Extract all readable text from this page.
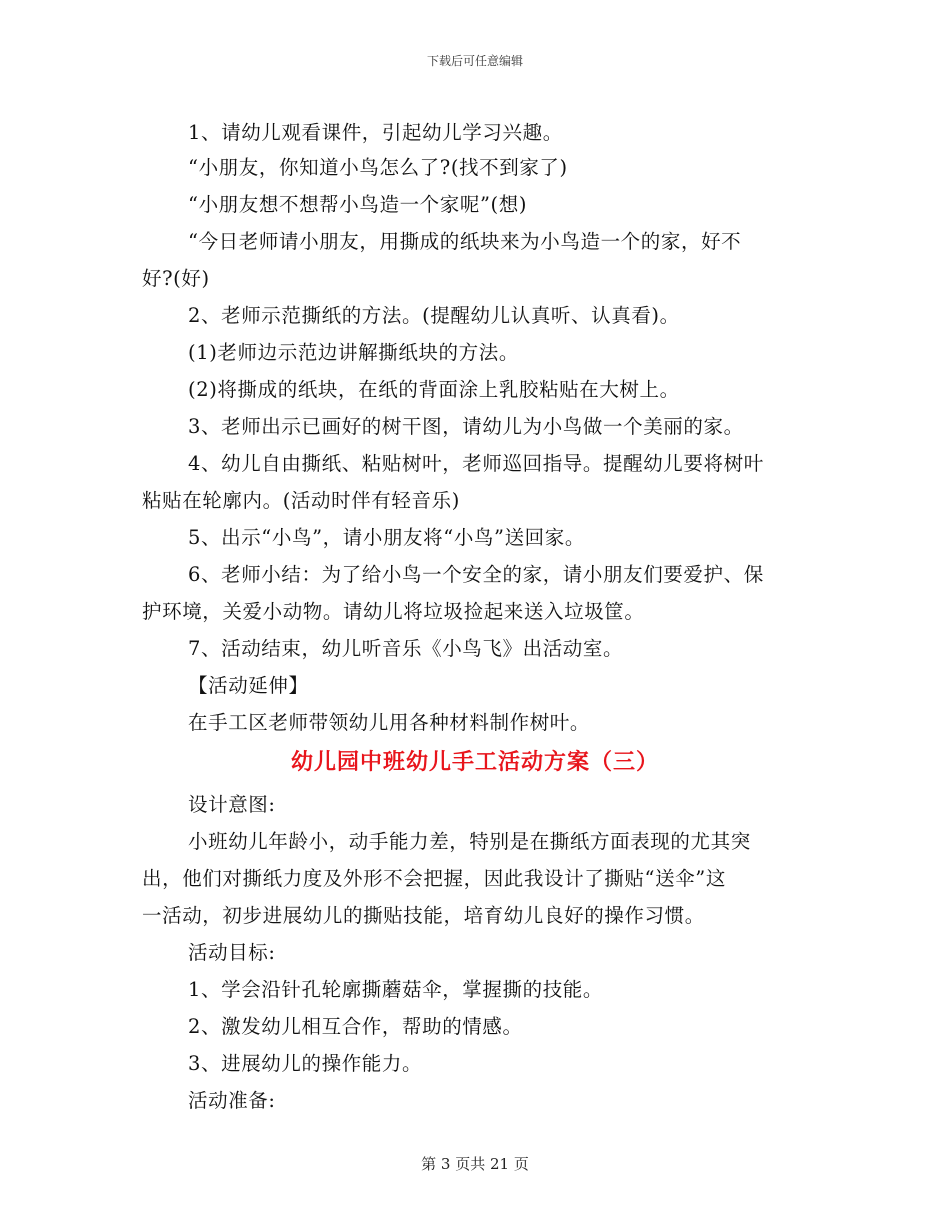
下载后可任意编辑
1、请幼儿观看课件，引起幼儿学习兴趣。
“小朋友，你知道小鸟怎么了?(找不到家了)
“小朋友想不想帮小鸟造一个家呢”(想)
“今日老师请小朋友，用撕成的纸块来为小鸟造一个的家，好不
好?(好)
2、老师示范撕纸的方法。(提醒幼儿认真听、认真看)。
(1)老师边示范边讲解撕纸块的方法。
(2)将撕成的纸块，在纸的背面涂上乳胶粘贴在大树上。
3、老师出示已画好的树干图，请幼儿为小鸟做一个美丽的家。
4、幼儿自由撕纸、粘贴树叶，老师巡回指导。提醒幼儿要将树叶
粘贴在轮廓内。(活动时伴有轻音乐)
5、出示“小鸟”，请小朋友将“小鸟”送回家。
6、老师小结：为了给小鸟一个安全的家，请小朋友们要爱护、保
护环境，关爱小动物。请幼儿将垃圾捡起来送入垃圾筐。
7、活动结束，幼儿听音乐《小鸟飞》出活动室。
【活动延伸】
在手工区老师带领幼儿用各种材料制作树叶。
幼儿园中班幼儿手工活动方案（三）
设计意图:
小班幼儿年龄小，动手能力差，特别是在撕纸方面表现的尤其突
出，他们对撕纸力度及外形不会把握，因此我设计了撕贴“送伞”这
一活动，初步进展幼儿的撕贴技能，培育幼儿良好的操作习惯。
活动目标:
1、学会沿针孔轮廓撕蘑菇伞，掌握撕的技能。
2、激发幼儿相互合作，帮助的情感。
3、进展幼儿的操作能力。
活动准备:
第 3 页共 21 页
